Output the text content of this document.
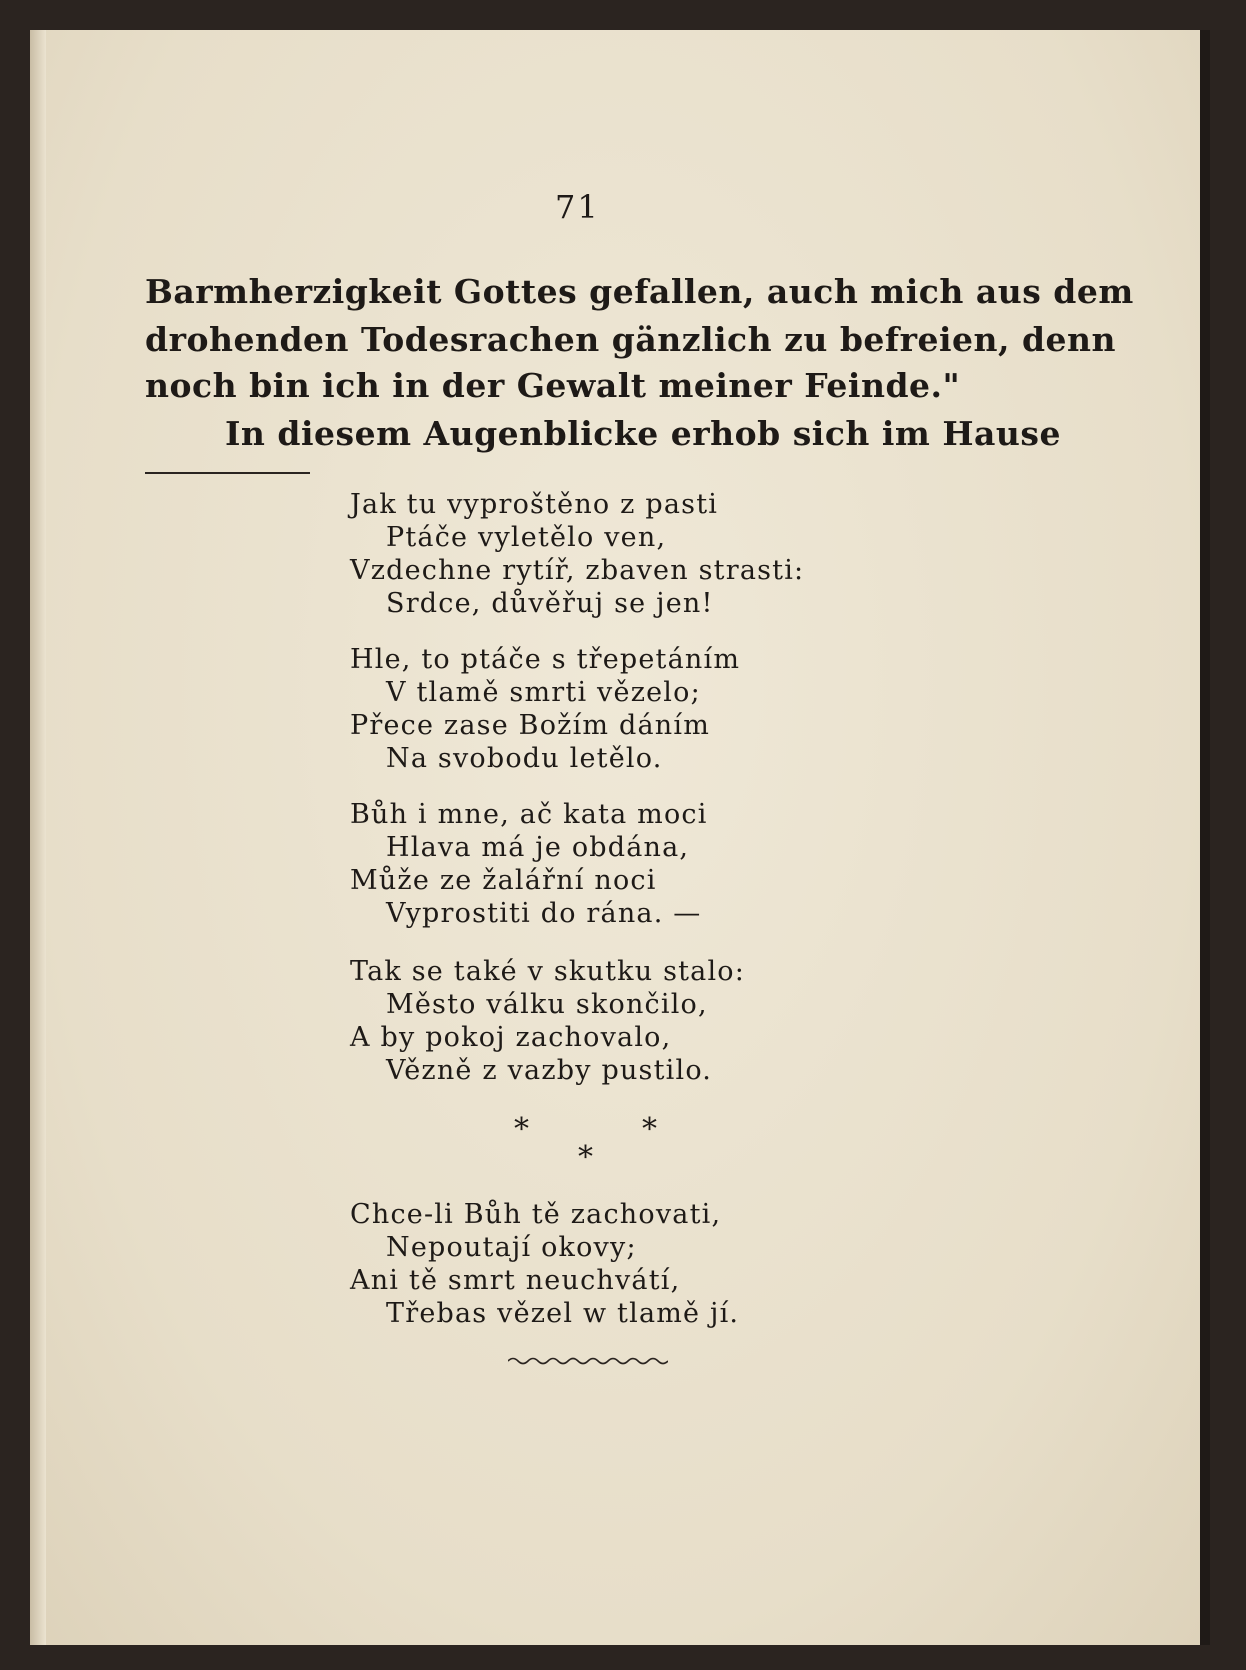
71
Barmherzigkeit Gottes gefallen, auch mich aus dem
drohenden Todesrachen gänzlich zu befreien, denn
noch bin ich in der Gewalt meiner Feinde."
In diesem Augenblicke erhob sich im Hause
Jak tu vyproštěno z pasti
Ptáče vyletělo ven,
Vzdechne rytíř, zbaven strasti:
Srdce, důvěřuj se jen!
Hle, to ptáče s třepetáním
V tlamě smrti vězelo;
Přece zase Božím dáním
Na svobodu letělo.
Bůh i mne, ač kata moci
Hlava má je obdána,
Může ze žalářní noci
Vyprostiti do rána. —
Tak se také v skutku stalo:
Město válku skončilo,
A by pokoj zachovalo,
Vězně z vazby pustilo.
*	*
*
Chce-li Bůh tě zachovati,
Nepoutají okovy;
Ani tě smrt neuchvátí,
Třebas vězel w tlamě jí.
